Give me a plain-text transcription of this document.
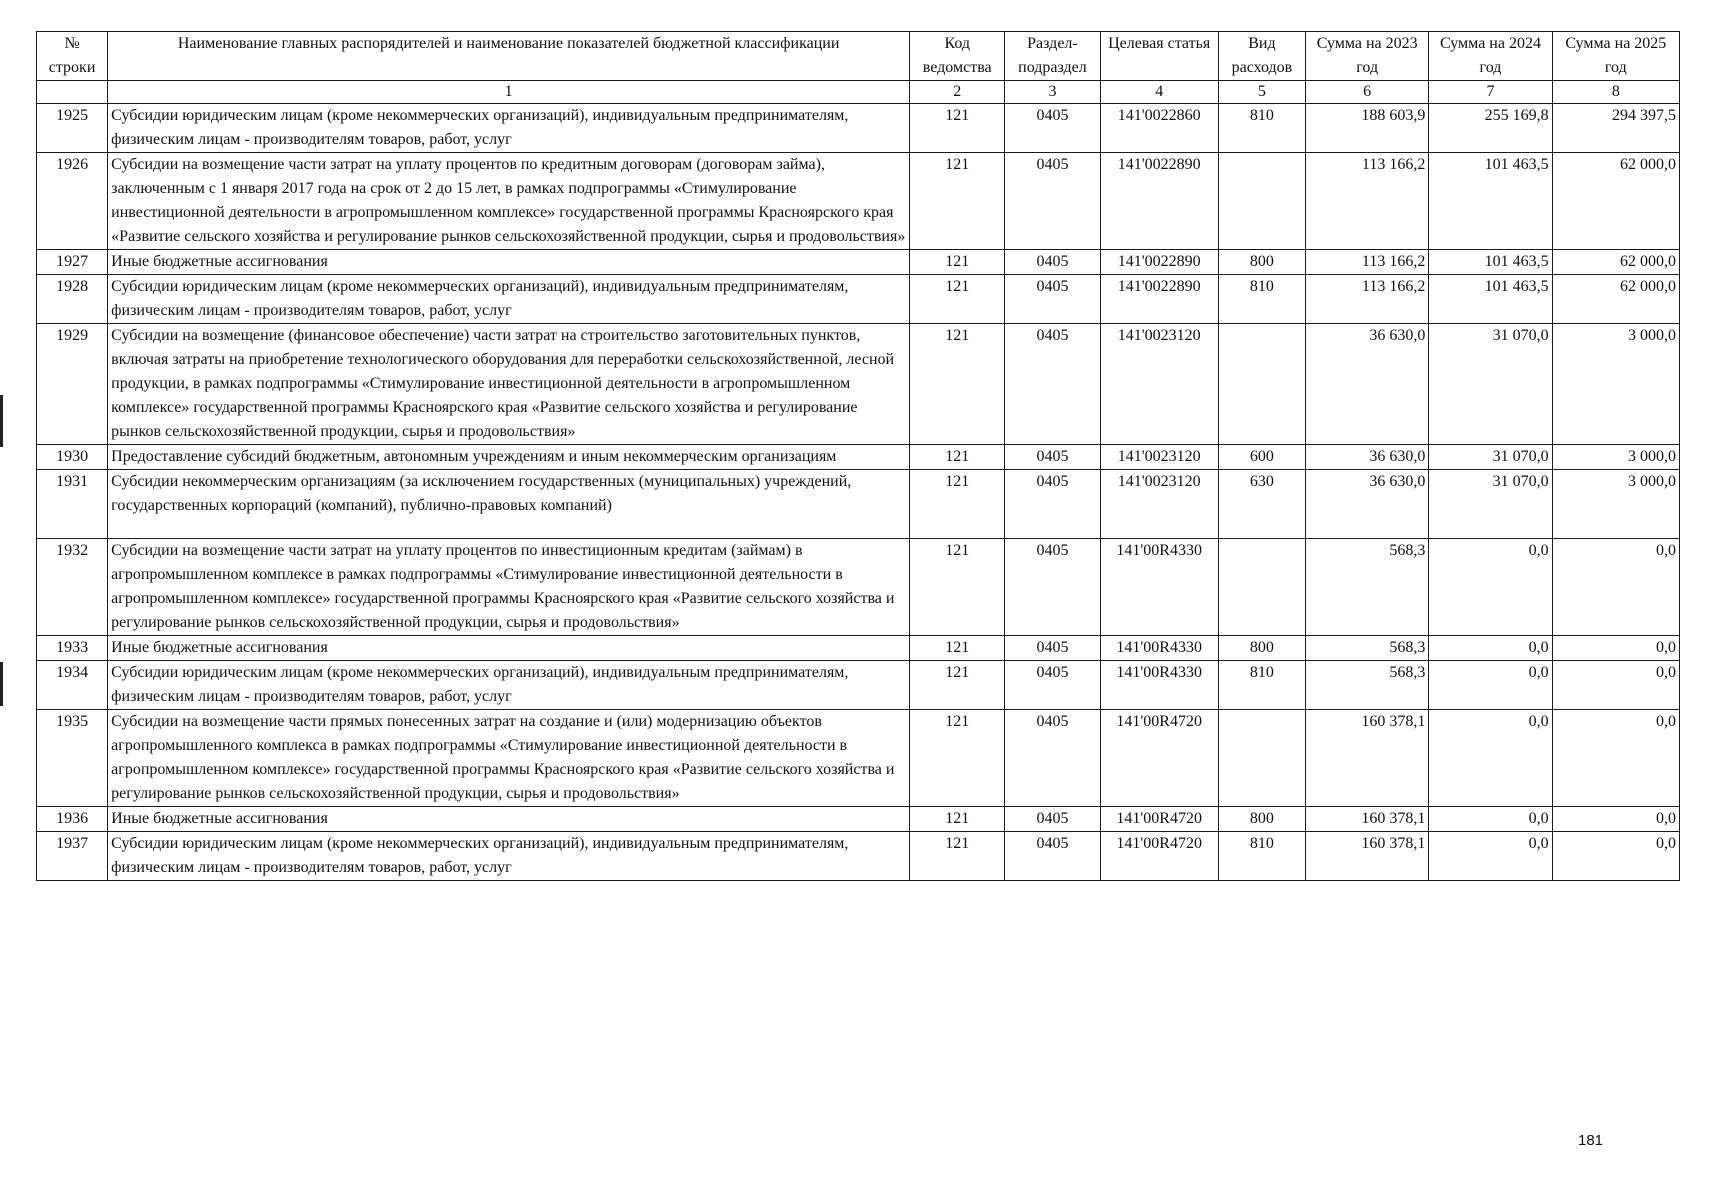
№ строки	Наименование главных распорядителей и наименование показателей бюджетной классификации	Код ведомства	Раздел-подраздел	Целевая статья	Вид расходов	Сумма на 2023 год	Сумма на 2024 год	Сумма на 2025 год
	1	2	3	4	5	6	7	8
1925	Субсидии юридическим лицам (кроме некоммерческих организаций), индивидуальным предпринимателям, физическим лицам - производителям товаров, работ, услуг	121	0405	141'0022860	810	188 603,9	255 169,8	294 397,5
1926	Субсидии на возмещение части затрат на уплату процентов по кредитным договорам (договорам займа), заключенным с 1 января 2017 года на срок от 2 до 15 лет, в рамках подпрограммы «Стимулирование инвестиционной деятельности в агропромышленном комплексе» государственной программы Красноярского края «Развитие сельского хозяйства и регулирование рынков сельскохозяйственной продукции, сырья и продовольствия»	121	0405	141'0022890		113 166,2	101 463,5	62 000,0
1927	Иные бюджетные ассигнования	121	0405	141'0022890	800	113 166,2	101 463,5	62 000,0
1928	Субсидии юридическим лицам (кроме некоммерческих организаций), индивидуальным предпринимателям, физическим лицам - производителям товаров, работ, услуг	121	0405	141'0022890	810	113 166,2	101 463,5	62 000,0
1929	Субсидии на возмещение (финансовое обеспечение) части затрат на строительство заготовительных пунктов, включая затраты на приобретение технологического оборудования для переработки сельскохозяйственной, лесной продукции, в рамках подпрограммы «Стимулирование инвестиционной деятельности в агропромышленном комплексе» государственной программы Красноярского края «Развитие сельского хозяйства и регулирование рынков сельскохозяйственной продукции, сырья и продовольствия»	121	0405	141'0023120		36 630,0	31 070,0	3 000,0
1930	Предоставление субсидий бюджетным, автономным учреждениям и иным некоммерческим организациям	121	0405	141'0023120	600	36 630,0	31 070,0	3 000,0
1931	Субсидии некоммерческим организациям (за исключением государственных (муниципальных) учреждений, государственных корпораций (компаний), публично-правовых компаний)	121	0405	141'0023120	630	36 630,0	31 070,0	3 000,0
1932	Субсидии на возмещение части затрат на уплату процентов по инвестиционным кредитам (займам) в агропромышленном комплексе в рамках подпрограммы «Стимулирование инвестиционной деятельности в агропромышленном комплексе» государственной программы Красноярского края «Развитие сельского хозяйства и регулирование рынков сельскохозяйственной продукции, сырья и продовольствия»	121	0405	141'00R4330		568,3	0,0	0,0
1933	Иные бюджетные ассигнования	121	0405	141'00R4330	800	568,3	0,0	0,0
1934	Субсидии юридическим лицам (кроме некоммерческих организаций), индивидуальным предпринимателям, физическим лицам - производителям товаров, работ, услуг	121	0405	141'00R4330	810	568,3	0,0	0,0
1935	Субсидии на возмещение части прямых понесенных затрат на создание и (или) модернизацию объектов агропромышленного комплекса в рамках подпрограммы «Стимулирование инвестиционной деятельности в агропромышленном комплексе» государственной программы Красноярского края «Развитие сельского хозяйства и регулирование рынков сельскохозяйственной продукции, сырья и продовольствия»	121	0405	141'00R4720		160 378,1	0,0	0,0
1936	Иные бюджетные ассигнования	121	0405	141'00R4720	800	160 378,1	0,0	0,0
1937	Субсидии юридическим лицам (кроме некоммерческих организаций), индивидуальным предпринимателям, физическим лицам - производителям товаров, работ, услуг	121	0405	141'00R4720	810	160 378,1	0,0	0,0
181
